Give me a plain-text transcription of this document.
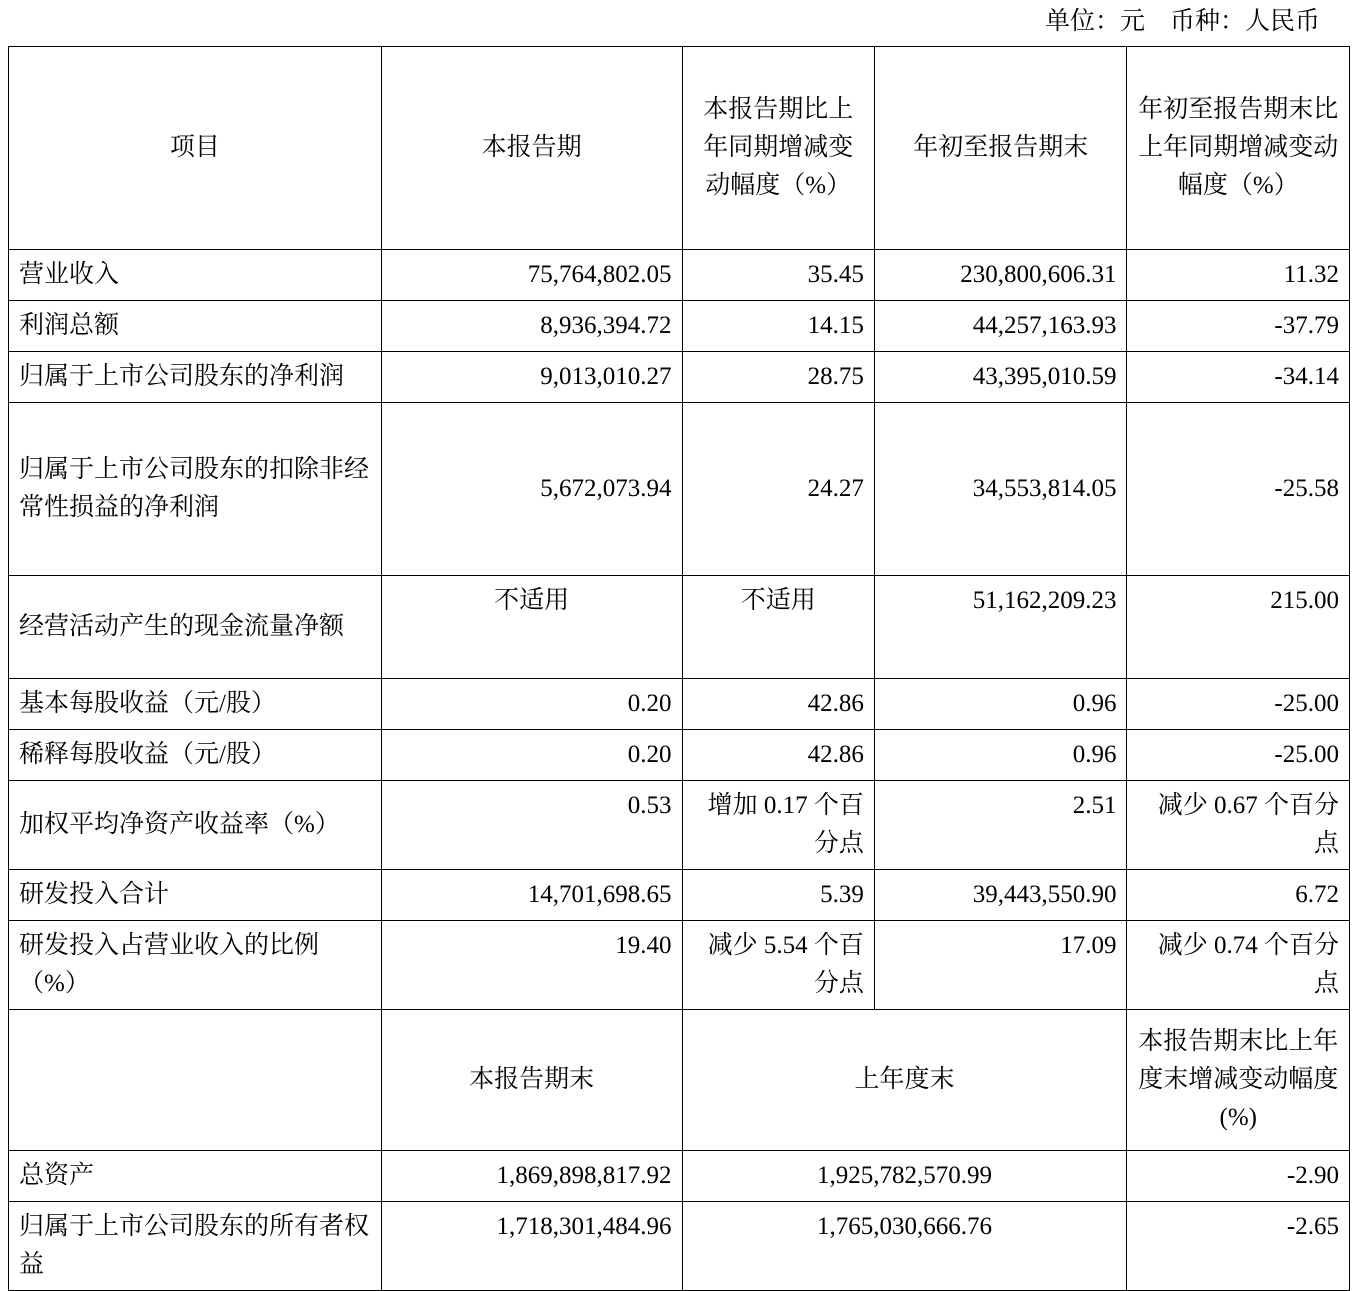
单位：元　币种：人民币
项目	本报告期	本报告期比上年同期增减变动幅度（%）	年初至报告期末	年初至报告期末比上年同期增减变动幅度（%）
营业收入	75,764,802.05	35.45	230,800,606.31	11.32
利润总额	8,936,394.72	14.15	44,257,163.93	-37.79
归属于上市公司股东的净利润	9,013,010.27	28.75	43,395,010.59	-34.14
归属于上市公司股东的扣除非经常性损益的净利润	5,672,073.94	24.27	34,553,814.05	-25.58
经营活动产生的现金流量净额	不适用	不适用	51,162,209.23	215.00
基本每股收益（元/股）	0.20	42.86	0.96	-25.00
稀释每股收益（元/股）	0.20	42.86	0.96	-25.00
加权平均净资产收益率（%）	0.53	增加 0.17 个百分点	2.51	减少 0.67 个百分点
研发投入合计	14,701,698.65	5.39	39,443,550.90	6.72
研发投入占营业收入的比例（%）	19.40	减少 5.54 个百分点	17.09	减少 0.74 个百分点
	本报告期末	上年度末		本报告期末比上年度末增减变动幅度(%)
总资产	1,869,898,817.92	1,925,782,570.99		-2.90
归属于上市公司股东的所有者权益	1,718,301,484.96	1,765,030,666.76		-2.65
